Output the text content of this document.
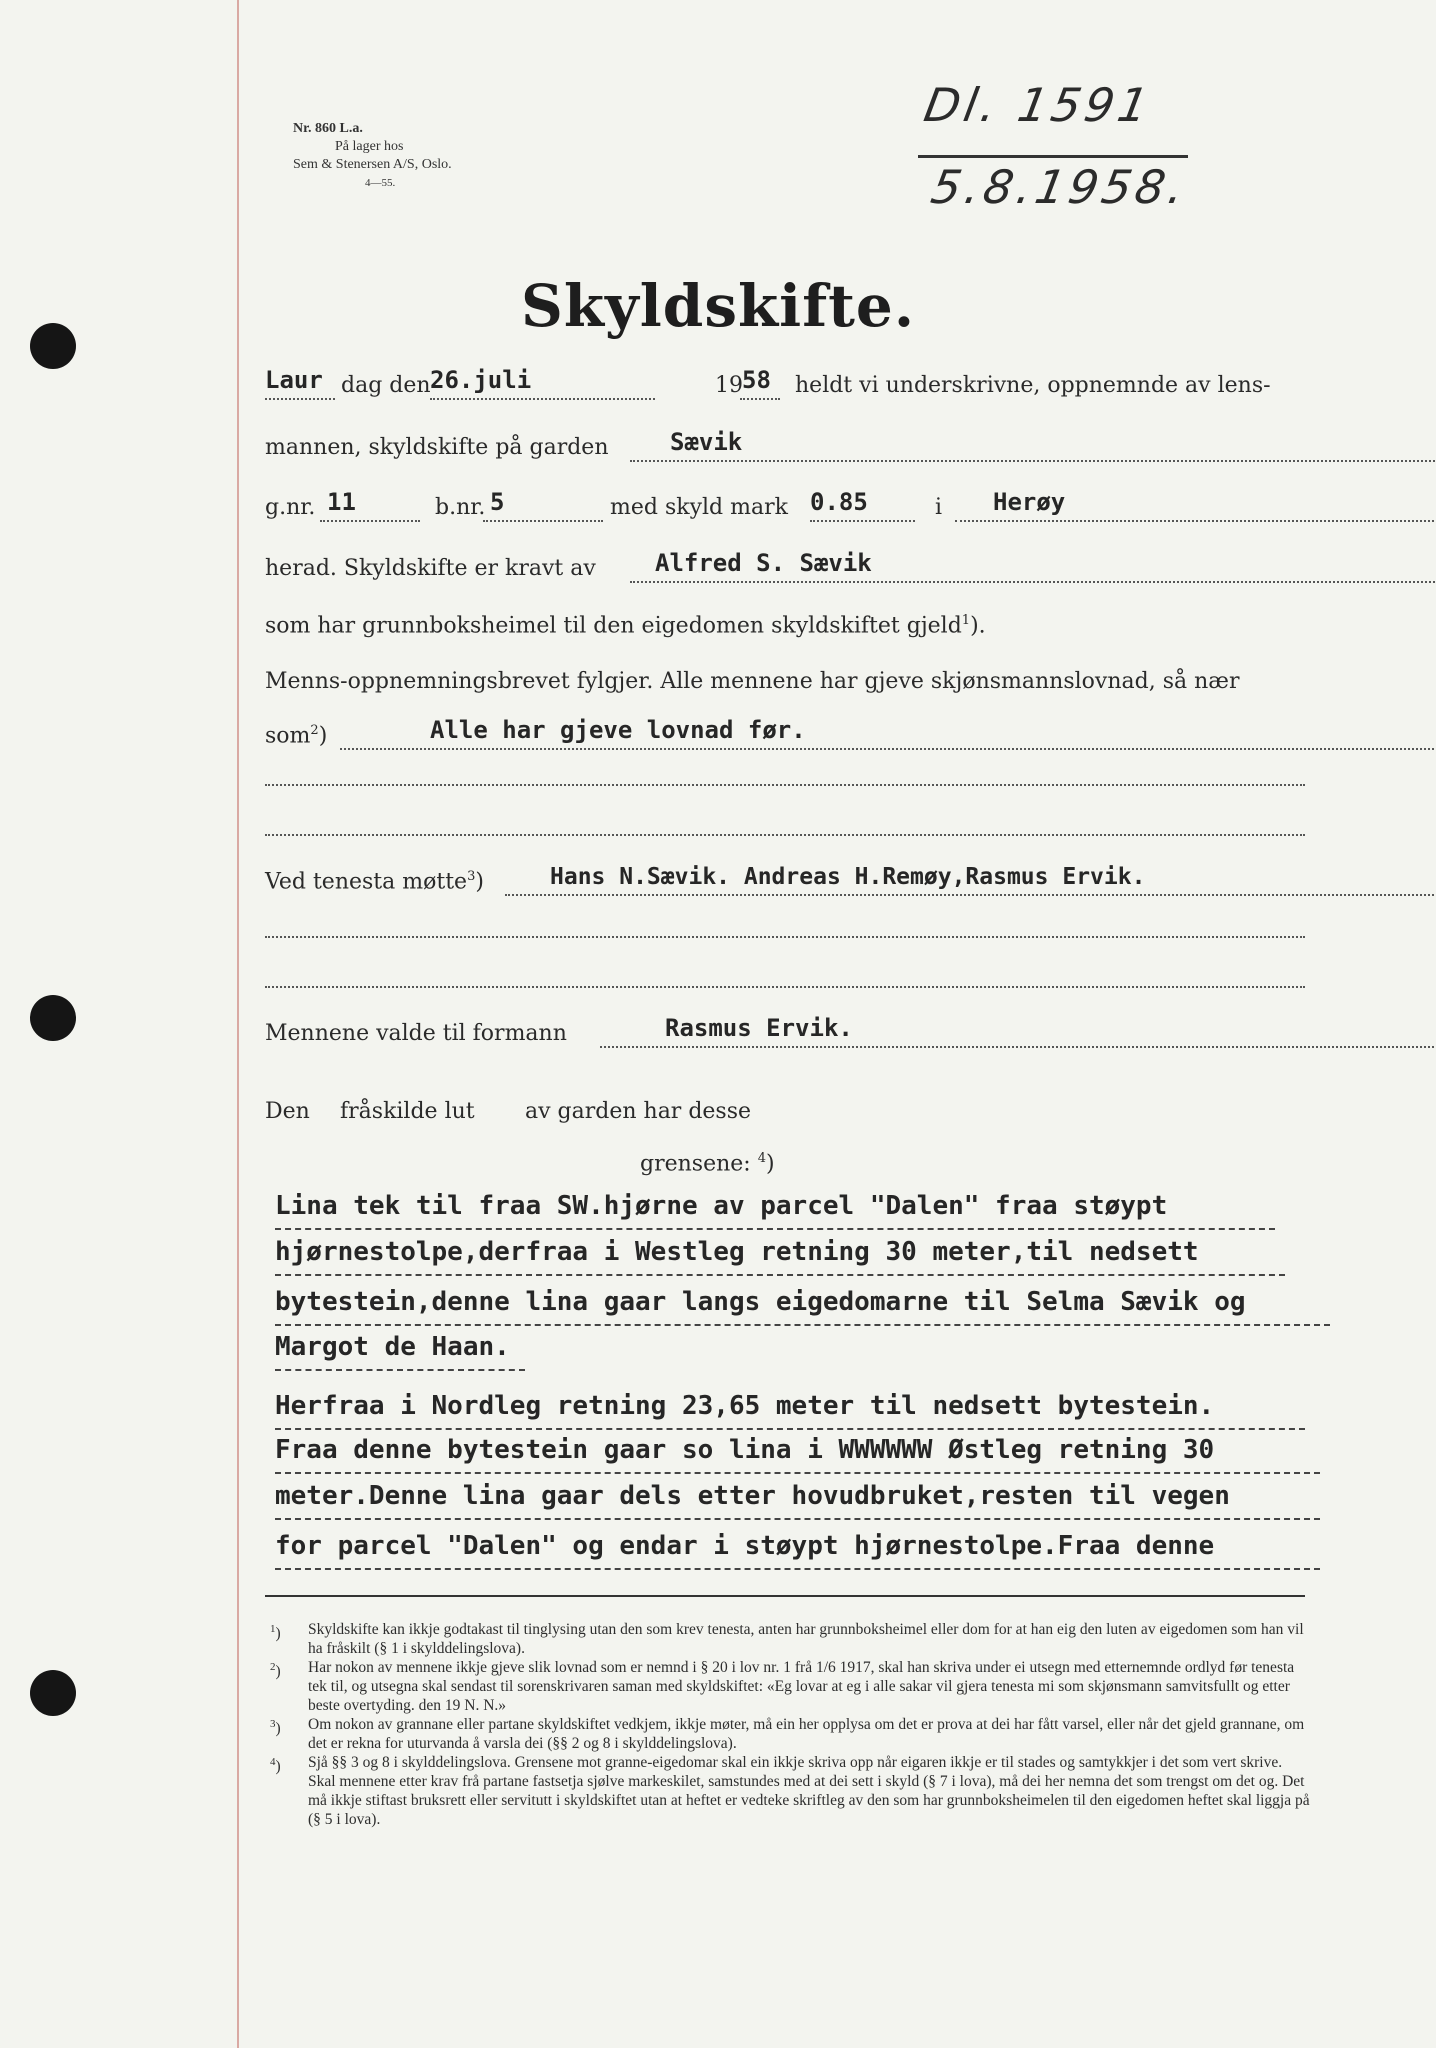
Nr. 860 L.a.
På lager hos
Sem & Stenersen A/S, Oslo.
4—55.
Dl. 1591
5.8.1958.
Skyldskifte.
Laur dag den 26.juli	19 58 heldt vi underskrivne, oppnemnde av lens-
mannen, skyldskifte på garden	Sævik
g.nr. 11	b.nr. 5	med skyld mark 0.85	i Herøy
herad. Skyldskifte er kravt av Alfred S. Sævik
som har grunnboksheimel til den eigedomen skyldskiftet gjeld$^1$).
Menns-oppnemningsbrevet fylgjer. Alle mennene har gjeve skjønsmannslovnad, så nær
som$^2$)	Alle har gjeve lovnad før.
Ved tenesta møtte$^3$)	Hans N.Sævik. Andreas H.Remøy,Rasmus Ervik.
Mennene valde til formann	Rasmus Ervik.
Den fråskilde lut av garden har desse
grensene: $^4$)
Lina tek til fraa SW.hjørne av parcel "Dalen" fraa støypt
hjørnestolpe,derfraa i Westleg retning 30 meter,til nedsett
bytestein,denne lina gaar langs eigedomarne til Selma Sævik og
Margot de Haan.
Herfraa i Nordleg retning 23,65 meter til nedsett bytestein.
Fraa denne bytestein gaar so lina i WWWWWW Østleg retning 30
meter.Denne lina gaar dels etter hovudbruket,resten til vegen
for parcel "Dalen" og endar i støypt hjørnestolpe.Fraa denne
$^1$) Skyldskifte kan ikkje godtakast til tinglysing utan den som krev tenesta, anten har grunnboksheimel eller dom for at han eig den luten av eigedomen som han vil ha fråskilt (§ 1 i skylddelingslova).
$^2$) Har nokon av mennene ikkje gjeve slik lovnad som er nemnd i § 20 i lov nr. 1 frå 1/6 1917, skal han skriva under ei utsegn med etternemnde ordlyd før tenesta tek til, og utsegna skal sendast til sorenskrivaren saman med skyldskiftet: «Eg lovar at eg i alle sakar vil gjera tenesta mi som skjønsmann samvitsfullt og etter beste overtyding. den 19 N. N.»
$^3$) Om nokon av grannane eller partane skyldskiftet vedkjem, ikkje møter, må ein her opplysa om det er prova at dei har fått varsel, eller når det gjeld grannane, om det er rekna for uturvanda å varsla dei (§§ 2 og 8 i skylddelingslova).
$^4$) Sjå §§ 3 og 8 i skylddelingslova. Grensene mot granne-eigedomar skal ein ikkje skriva opp når eigaren ikkje er til stades og samtykkjer i det som vert skrive. Skal mennene etter krav frå partane fastsetja sjølve markeskilet, samstundes med at dei sett i skyld (§ 7 i lova), må dei her nemna det som trengst om det og. Det må ikkje stiftast bruksrett eller servitutt i skyldskiftet utan at heftet er vedteke skriftleg av den som har grunnboksheimelen til den eigedomen heftet skal liggja på (§ 5 i lova).
